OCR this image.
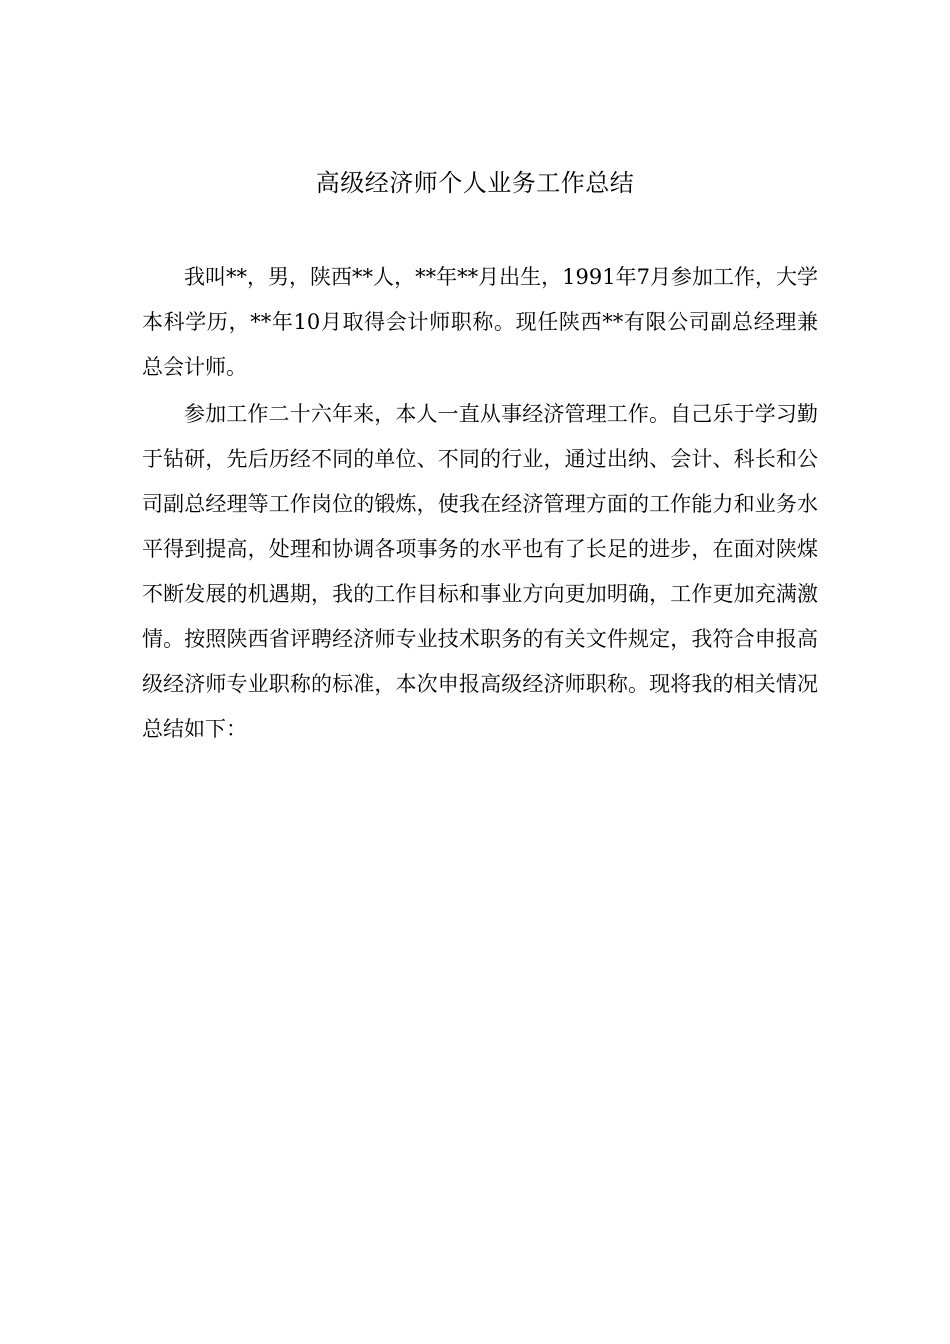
高级经济师个人业务工作总结

我叫**，男，陕西**人，**年**月出生，1991年7月参加工作，大学本科学历，**年10月取得会计师职称。现任陕西**有限公司副总经理兼总会计师。

参加工作二十六年来，本人一直从事经济管理工作。自己乐于学习勤于钻研，先后历经不同的单位、不同的行业，通过出纳、会计、科长和公司副总经理等工作岗位的锻炼，使我在经济管理方面的工作能力和业务水平得到提高，处理和协调各项事务的水平也有了长足的进步，在面对陕煤不断发展的机遇期，我的工作目标和事业方向更加明确，工作更加充满激情。按照陕西省评聘经济师专业技术职务的有关文件规定，我符合申报高级经济师专业职称的标准，本次申报高级经济师职称。现将我的相关情况总结如下：
